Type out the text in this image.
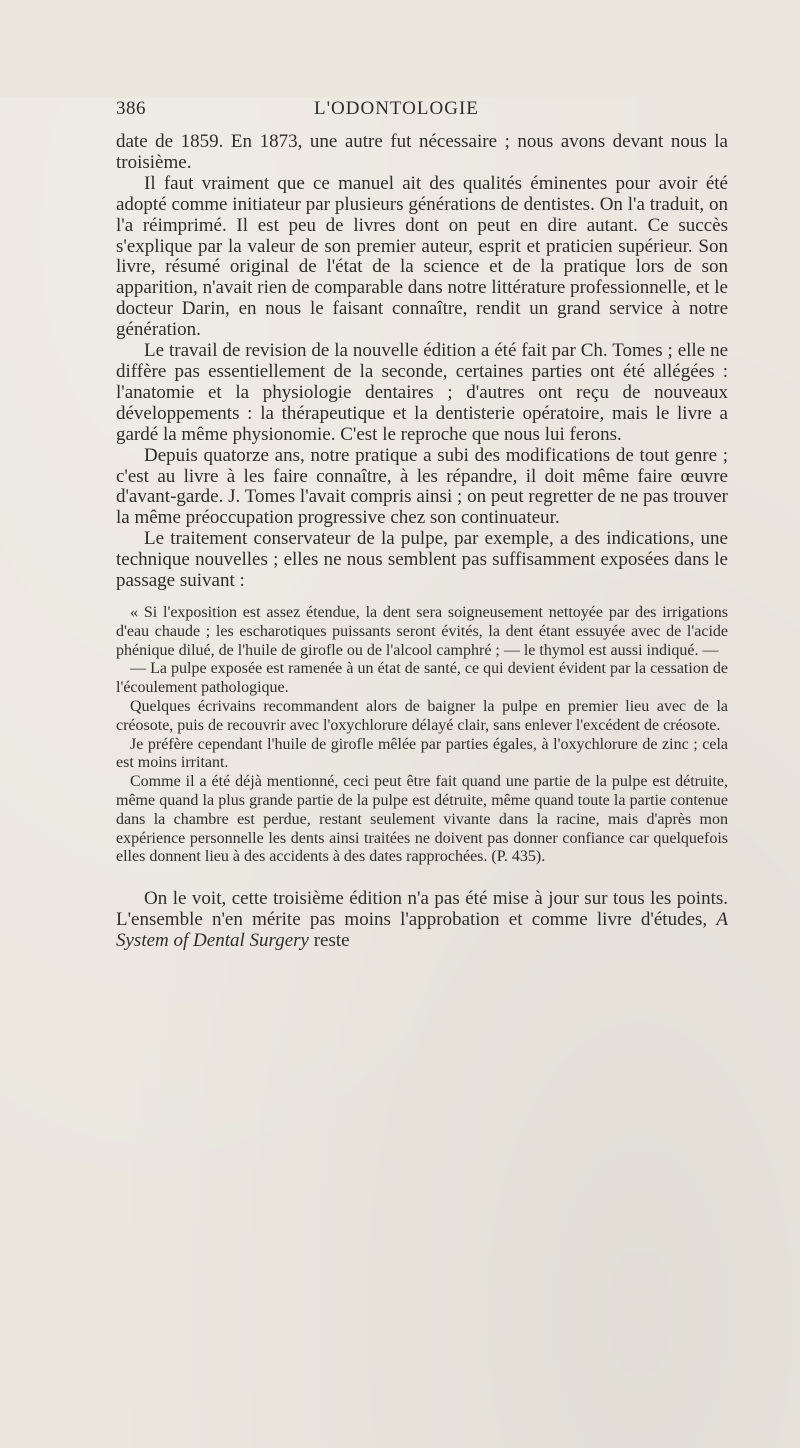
386	L'ODONTOLOGIE

date de 1859. En 1873, une autre fut nécessaire ; nous avons devant nous la troisième.

Il faut vraiment que ce manuel ait des qualités éminentes pour avoir été adopté comme initiateur par plusieurs générations de dentistes. On l'a traduit, on l'a réimprimé. Il est peu de livres dont on peut en dire autant. Ce succès s'explique par la valeur de son premier auteur, esprit et praticien supérieur. Son livre, résumé original de l'état de la science et de la pratique lors de son apparition, n'avait rien de comparable dans notre littérature professionnelle, et le docteur Darin, en nous le faisant connaître, rendit un grand service à notre génération.

Le travail de revision de la nouvelle édition a été fait par Ch. Tomes ; elle ne diffère pas essentiellement de la seconde, certaines parties ont été allégées : l'anatomie et la physiologie dentaires ; d'autres ont reçu de nouveaux développements : la thérapeutique et la dentisterie opératoire, mais le livre a gardé la même physionomie. C'est le reproche que nous lui ferons.

Depuis quatorze ans, notre pratique a subi des modifications de tout genre ; c'est au livre à les faire connaître, à les répandre, il doit même faire œuvre d'avant-garde. J. Tomes l'avait compris ainsi ; on peut regretter de ne pas trouver la même préoccupation progressive chez son continuateur.

Le traitement conservateur de la pulpe, par exemple, a des indications, une technique nouvelles ; elles ne nous semblent pas suffisamment exposées dans le passage suivant :

« Si l'exposition est assez étendue, la dent sera soigneusement nettoyée par des irrigations d'eau chaude ; les escharotiques puissants seront évités, la dent étant essuyée avec de l'acide phénique dilué, de l'huile de girofle ou de l'alcool camphré ; — le thymol est aussi indiqué. —

— La pulpe exposée est ramenée à un état de santé, ce qui devient évident par la cessation de l'écoulement pathologique.

Quelques écrivains recommandent alors de baigner la pulpe en premier lieu avec de la créosote, puis de recouvrir avec l'oxychlorure délayé clair, sans enlever l'excédent de créosote.

Je préfère cependant l'huile de girofle mêlée par parties égales, à l'oxychlorure de zinc ; cela est moins irritant.

Comme il a été déjà mentionné, ceci peut être fait quand une partie de la pulpe est détruite, même quand la plus grande partie de la pulpe est détruite, même quand toute la partie contenue dans la chambre est perdue, restant seulement vivante dans la racine, mais d'après mon expérience personnelle les dents ainsi traitées ne doivent pas donner confiance car quelquefois elles donnent lieu à des accidents à des dates rapprochées. (P. 435).

On le voit, cette troisième édition n'a pas été mise à jour sur tous les points. L'ensemble n'en mérite pas moins l'approbation et comme livre d'études, A System of Dental Surgery reste
